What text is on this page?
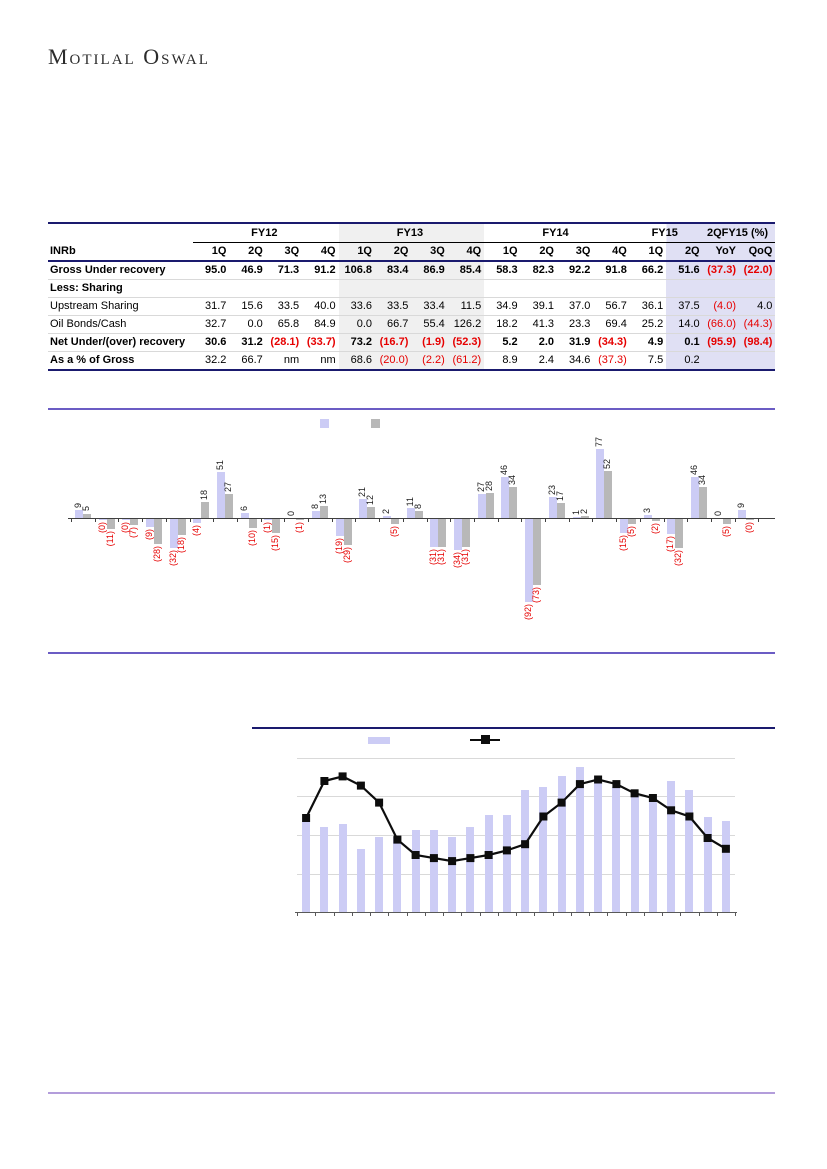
Motilal Oswal
	FY12				FY13				FY14				FY15		2QFY15 (%)	
INRb	1Q	2Q	3Q	4Q	1Q	2Q	3Q	4Q	1Q	2Q	3Q	4Q	1Q	2Q	YoY	QoQ
Gross Under recovery	95.0	46.9	71.3	91.2	106.8	83.4	86.9	85.4	58.3	82.3	92.2	91.8	66.2	51.6	(37.3)	(22.0)
Less: Sharing																
Upstream Sharing	31.7	15.6	33.5	40.0	33.6	33.5	33.4	11.5	34.9	39.1	37.0	56.7	36.1	37.5	(4.0)	4.0
Oil Bonds/Cash	32.7	0.0	65.8	84.9	0.0	66.7	55.4	126.2	18.2	41.3	23.3	69.4	25.2	14.0	(66.0)	(44.3)
Net Under/(over) recovery	30.6	31.2	(28.1)	(33.7)	73.2	(16.7)	(1.9)	(52.3)	5.2	2.0	31.9	(34.3)	4.9	0.1	(95.9)	(98.4)
As a % of Gross	32.2	66.7	nm	nm	68.6	(20.0)	(2.2)	(61.2)	8.9	2.4	34.6	(37.3)	7.5	0.2		
9
5
(0)
(11)
(0)
(7) (9)
(28) (32)
(18)
(4)
18
51
27
6
(10)
(1)
(15)
0
(1)
8
13
(19)
(29)
21
12
2
(5)
11
8
(31)
(31) (34)
(31)
27
28
46
34
(92)
(73)
23
17
1
2
77
52
(15)
(5)
3
(2)
(17)
(32)
46
34
0
(5)
9
(0)
